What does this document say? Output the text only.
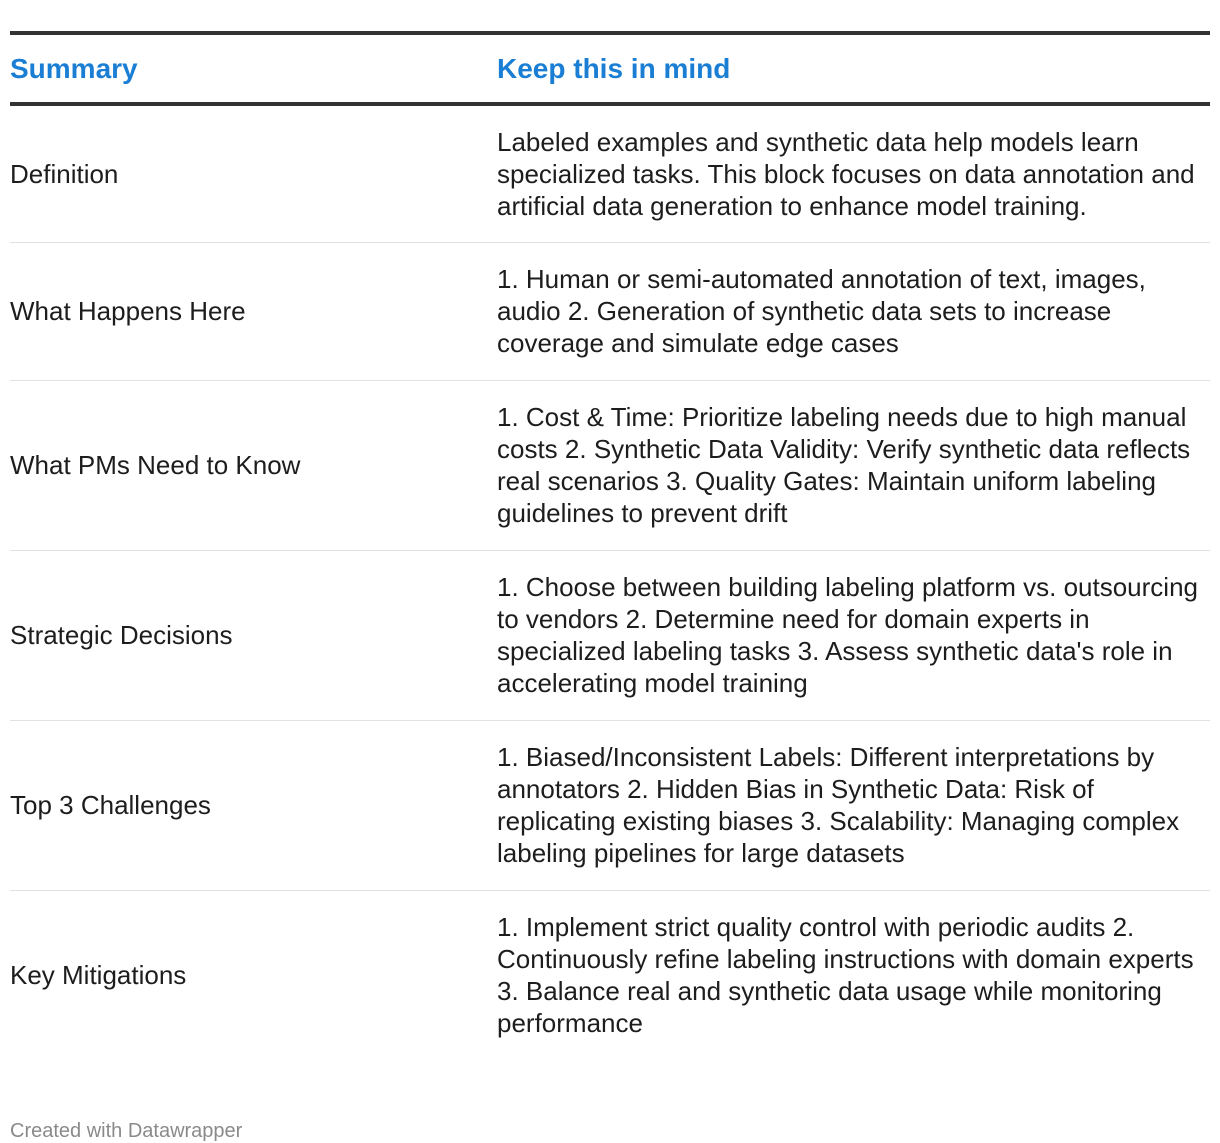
Summary	Keep this in mind
Definition	Labeled examples and synthetic data help models learn specialized tasks. This block focuses on data annotation and artificial data generation to enhance model training.
What Happens Here	1. Human or semi-automated annotation of text, images, audio 2. Generation of synthetic data sets to increase coverage and simulate edge cases
What PMs Need to Know	1. Cost & Time: Prioritize labeling needs due to high manual costs 2. Synthetic Data Validity: Verify synthetic data reflects real scenarios 3. Quality Gates: Maintain uniform labeling guidelines to prevent drift
Strategic Decisions	1. Choose between building labeling platform vs. outsourcing to vendors 2. Determine need for domain experts in specialized labeling tasks 3. Assess synthetic data's role in accelerating model training
Top 3 Challenges	1. Biased/Inconsistent Labels: Different interpretations by annotators 2. Hidden Bias in Synthetic Data: Risk of replicating existing biases 3. Scalability: Managing complex labeling pipelines for large datasets
Key Mitigations	1. Implement strict quality control with periodic audits 2. Continuously refine labeling instructions with domain experts 3. Balance real and synthetic data usage while monitoring performance
Created with Datawrapper
